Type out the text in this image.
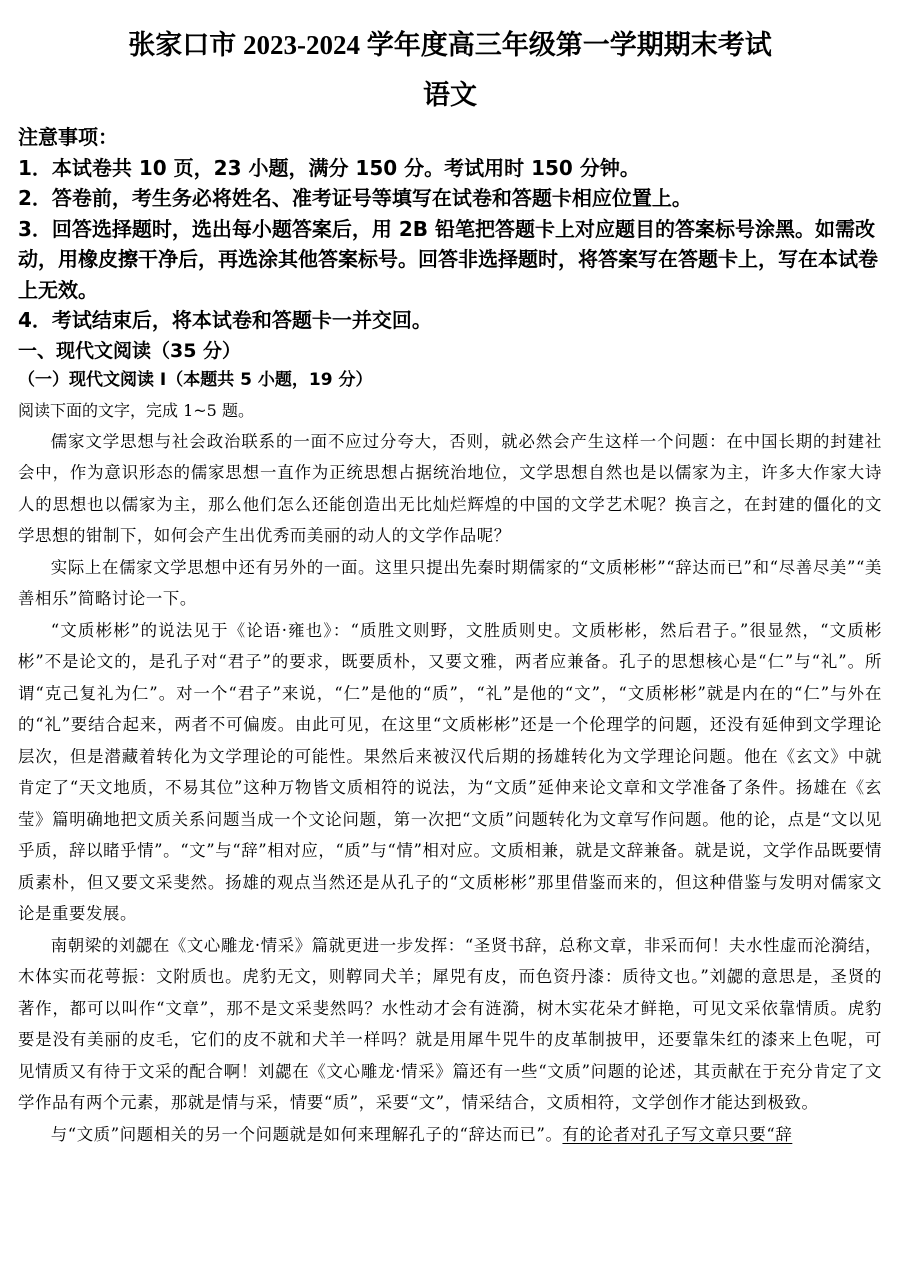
张家口市 2023-2024 学年度高三年级第一学期期末考试
语文

注意事项：

1．本试卷共 10 页，23 小题，满分 150 分。考试用时 150 分钟。

2．答卷前，考生务必将姓名、准考证号等填写在试卷和答题卡相应位置上。

3．回答选择题时，选出每小题答案后，用 2B 铅笔把答题卡上对应题目的答案标号涂黑。如需改动，用橡皮擦干净后，再选涂其他答案标号。回答非选择题时，将答案写在答题卡上，写在本试卷上无效。

4．考试结束后，将本试卷和答题卡一并交回。

一、现代文阅读（35 分）

（一）现代文阅读 I（本题共 5 小题，19 分）

阅读下面的文字，完成 1~5 题。

儒家文学思想与社会政治联系的一面不应过分夸大，否则，就必然会产生这样一个问题：在中国长期的封建社会中，作为意识形态的儒家思想一直作为正统思想占据统治地位，文学思想自然也是以儒家为主，许多大作家大诗人的思想也以儒家为主，那么他们怎么还能创造出无比灿烂辉煌的中国的文学艺术呢？换言之，在封建的僵化的文学思想的钳制下，如何会产生出优秀而美丽的动人的文学作品呢？

实际上在儒家文学思想中还有另外的一面。这里只提出先秦时期儒家的“文质彬彬”“辞达而已”和“尽善尽美”“美善相乐”简略讨论一下。

“文质彬彬”的说法见于《论语·雍也》：“质胜文则野，文胜质则史。文质彬彬，然后君子。”很显然，“文质彬彬”不是论文的，是孔子对“君子”的要求，既要质朴，又要文雅，两者应兼备。孔子的思想核心是“仁”与“礼”。所谓“克己复礼为仁”。对一个“君子”来说，“仁”是他的“质”，“礼”是他的“文”，“文质彬彬”就是内在的“仁”与外在的“礼”要结合起来，两者不可偏废。由此可见，在这里“文质彬彬”还是一个伦理学的问题，还没有延伸到文学理论层次，但是潜藏着转化为文学理论的可能性。果然后来被汉代后期的扬雄转化为文学理论问题。他在《玄文》中就肯定了“天文地质，不易其位”这种万物皆文质相符的说法，为“文质”延伸来论文章和文学准备了条件。扬雄在《玄莹》篇明确地把文质关系问题当成一个文论问题，第一次把“文质”问题转化为文章写作问题。他的论，点是“文以见乎质，辞以睹乎情”。“文”与“辞”相对应，“质”与“情”相对应。文质相兼，就是文辞兼备。就是说，文学作品既要情质素朴，但又要文采斐然。扬雄的观点当然还是从孔子的“文质彬彬”那里借鉴而来的，但这种借鉴与发明对儒家文论是重要发展。

南朝梁的刘勰在《文心雕龙·情采》篇就更进一步发挥：“圣贤书辞，总称文章，非采而何！夫水性虚而沦漪结，木体实而花萼振：文附质也。虎豹无文，则鞟同犬羊；犀兕有皮，而色资丹漆：质待文也。”刘勰的意思是，圣贤的著作，都可以叫作“文章”，那不是文采斐然吗？水性动才会有涟漪，树木实花朵才鲜艳，可见文采依靠情质。虎豹要是没有美丽的皮毛，它们的皮不就和犬羊一样吗？就是用犀牛兕牛的皮革制披甲，还要靠朱红的漆来上色呢，可见情质又有待于文采的配合啊！刘勰在《文心雕龙·情采》篇还有一些“文质”问题的论述，其贡献在于充分肯定了文学作品有两个元素，那就是情与采，情要“质”，采要“文”，情采结合，文质相符，文学创作才能达到极致。

与“文质”问题相关的另一个问题就是如何来理解孔子的“辞达而已”。有的论者对孔子写文章只要“辞
